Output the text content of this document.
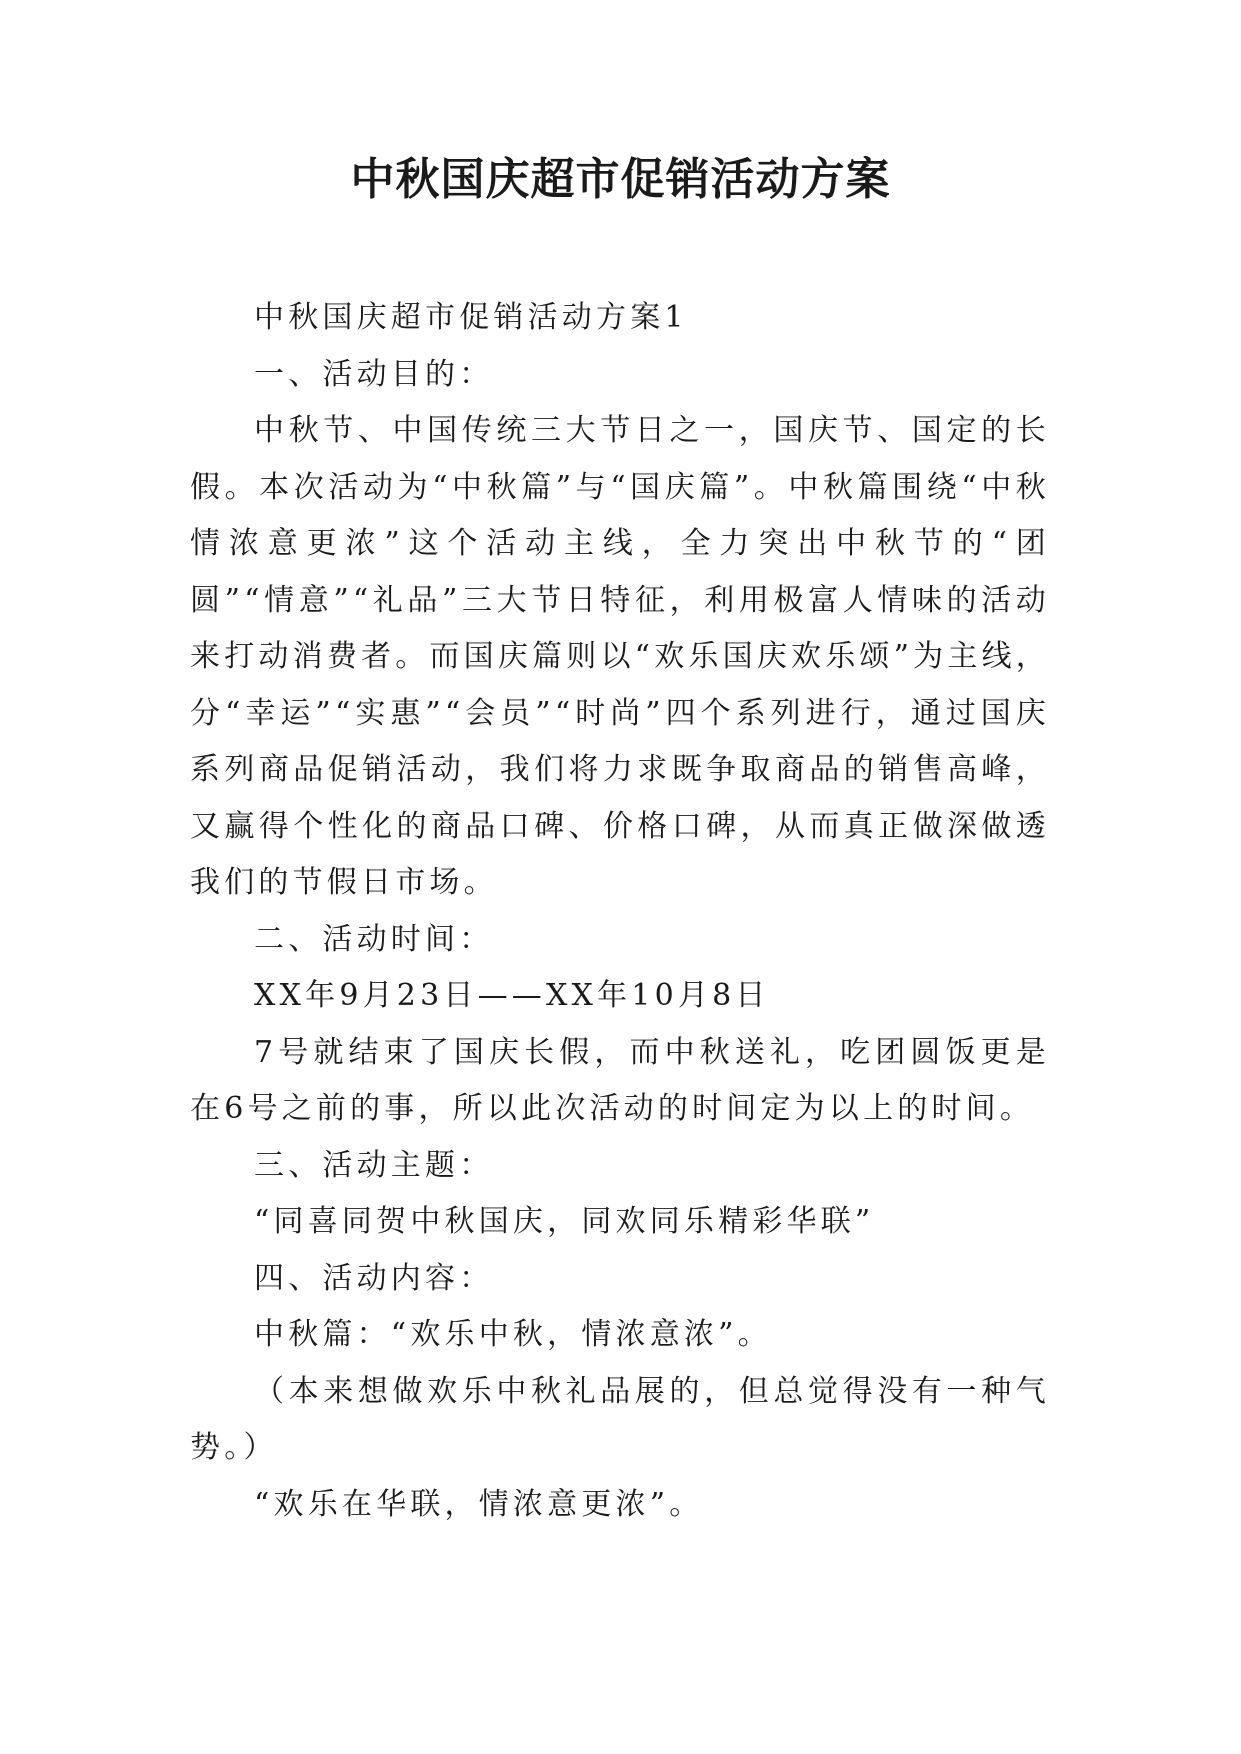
中秋国庆超市促销活动方案

中秋国庆超市促销活动方案1

一、活动目的：

中秋节、中国传统三大节日之一，国庆节、国定的长假。本次活动为“中秋篇”与“国庆篇”。中秋篇围绕“中秋情浓意更浓”这个活动主线，全力突出中秋节的“团圆”“情意”“礼品”三大节日特征，利用极富人情味的活动来打动消费者。而国庆篇则以“欢乐国庆欢乐颂”为主线，分“幸运”“实惠”“会员”“时尚”四个系列进行，通过国庆系列商品促销活动，我们将力求既争取商品的销售高峰，又赢得个性化的商品口碑、价格口碑，从而真正做深做透我们的节假日市场。

二、活动时间：

XX年9月23日——XX年10月8日

7号就结束了国庆长假，而中秋送礼，吃团圆饭更是在6号之前的事，所以此次活动的时间定为以上的时间。

三、活动主题：

“同喜同贺中秋国庆，同欢同乐精彩华联”

四、活动内容：

中秋篇：“欢乐中秋，情浓意浓”。

（本来想做欢乐中秋礼品展的，但总觉得没有一种气势。）

“欢乐在华联，情浓意更浓”。
